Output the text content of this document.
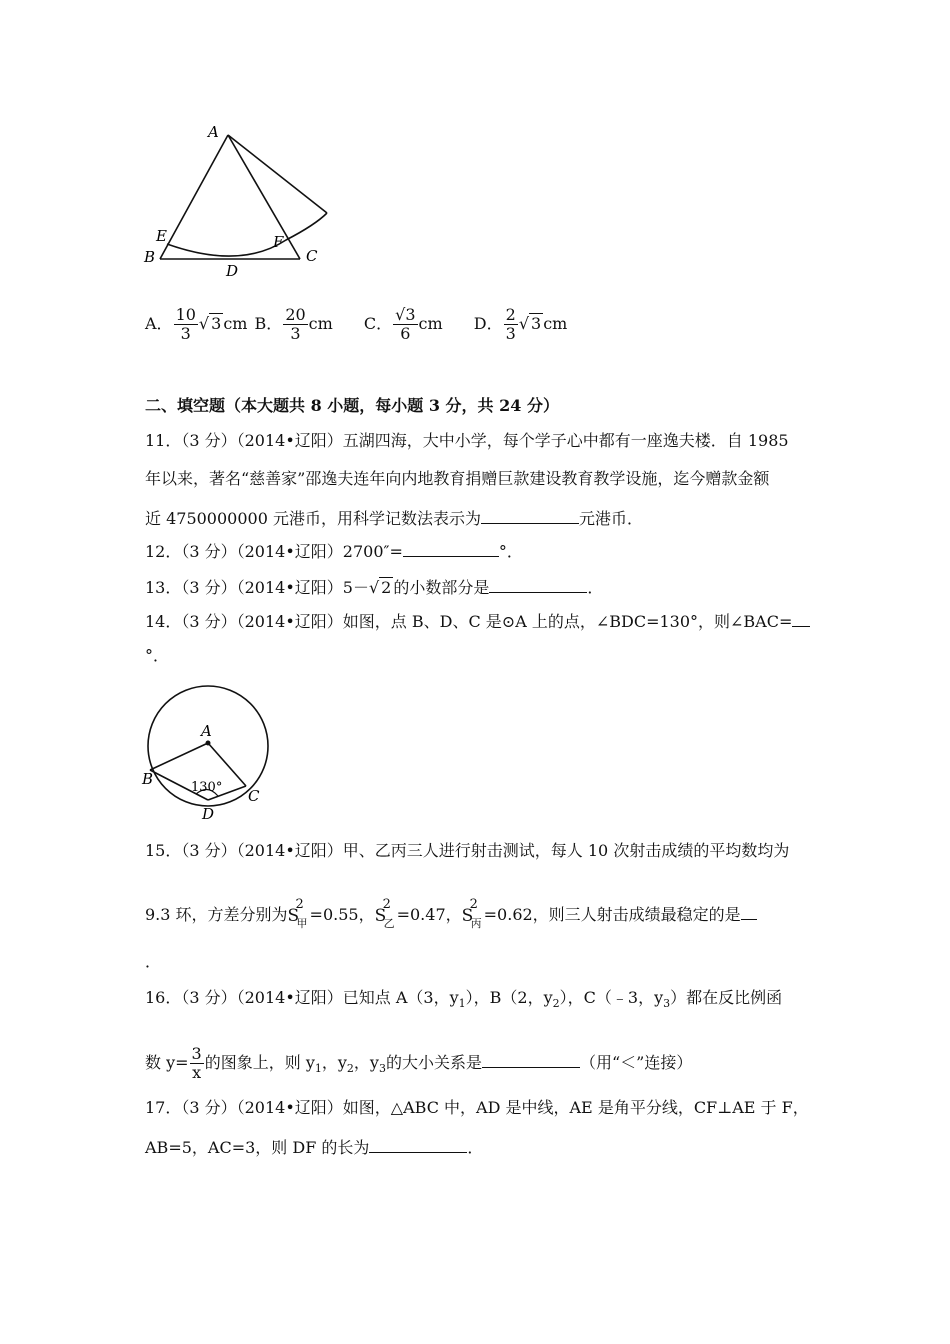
A
E
B
D
F
C
A． $\frac{10}{3}$ √ 3 cm B． $\frac{20}{3}$ cm C． $\frac{√3}{6}$ cm D． $\frac{2}{3}$ √ 3 cm
二、填空题（本大题共 8 小题，每小题 3 分，共 24 分）
11．（3 分）（2014•辽阳）五湖四海，大中小学，每个学子心中都有一座逸夫楼．自 1985
年以来，著名“慈善家”邵逸夫连年向内地教育捐赠巨款建设教育教学设施，迄今赠款金额
近 4750000000 元港币，用科学记数法表示为	元港币．
12．（3 分）（2014•辽阳）2700″=	°．
13．（3 分）（2014•辽阳）5－√ 2 的小数部分是	．
14．（3 分）（2014•辽阳）如图，点 B、D、C 是⊙A 上的点，∠BDC=130°，则∠BAC=
°．
A
B
C
D
130°
15．（3 分）（2014•辽阳）甲、乙丙三人进行射击测试，每人 10 次射击成绩的平均数均为
9.3 环，方差分别为 S
2
甲 =0.55， S
2
乙 =0.47， S
2
丙 =0.62，则三人射击成绩最稳定的是
．
16．（3 分）（2014•辽阳）已知点 A（3，$y_1$），B（2，$y_2$），C（﹣3，$y_3$）都在反比例函
数 $y= \frac{3}{x}$ 的图象上，则 $y_1$，$y_2$，$y_3$的大小关系是	（用“＜”连接）
17．（3 分）（2014•辽阳）如图，△ABC 中，AD 是中线，AE 是角平分线，CF⊥AE 于 F，
AB=5，AC=3，则 DF 的长为	．
